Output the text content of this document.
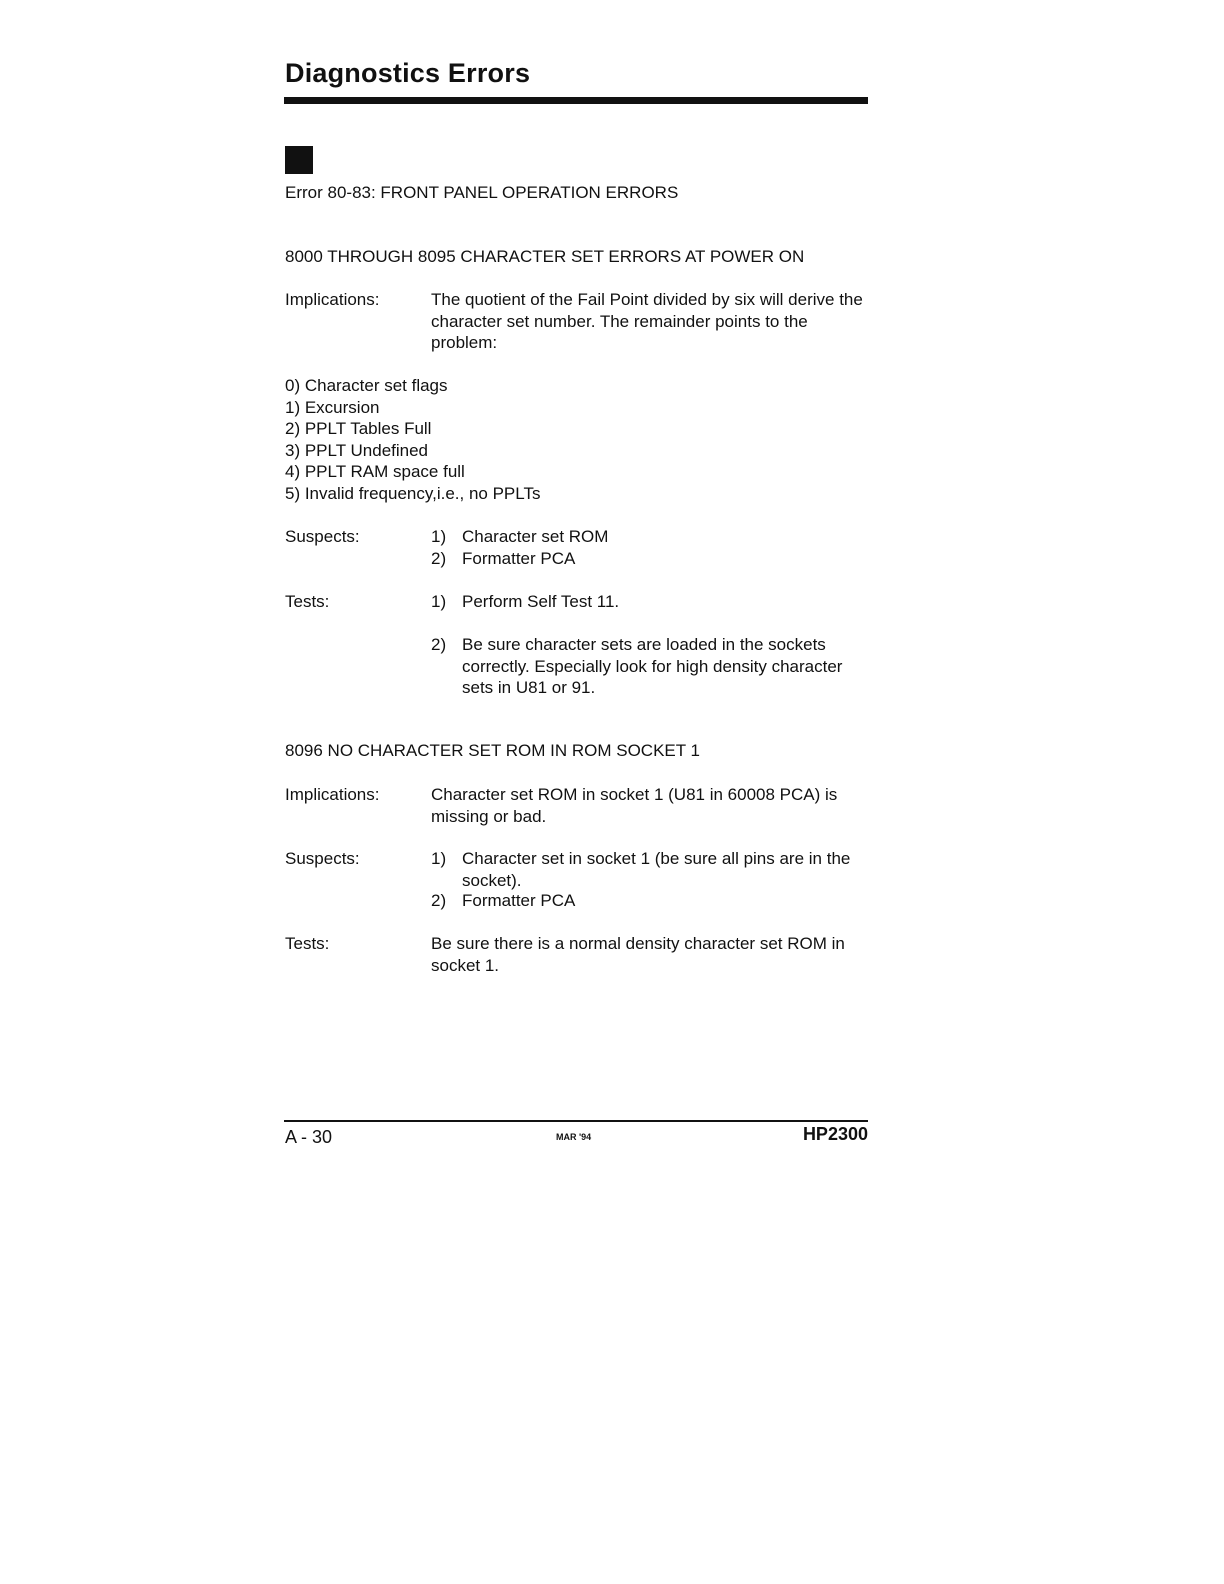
Diagnostics Errors
Error 80-83: FRONT PANEL OPERATION ERRORS
8000 THROUGH 8095 CHARACTER SET ERRORS AT POWER ON
Implications:	The quotient of the Fail Point divided by six will derive the character set number. The remainder points to the problem:
0) Character set flags
1) Excursion
2) PPLT Tables Full
3) PPLT Undefined
4) PPLT RAM space full
5) Invalid frequency,i.e., no PPLTs
Suspects:	1) Character set ROM
2) Formatter PCA
Tests:	1) Perform Self Test 11.
2) Be sure character sets are loaded in the sockets correctly. Especially look for high density character sets in U81 or 91.
8096 NO CHARACTER SET ROM IN ROM SOCKET 1
Implications:	Character set ROM in socket 1 (U81 in 60008 PCA) is missing or bad.
Suspects:	1) Character set in socket 1 (be sure all pins are in the socket).
2) Formatter PCA
Tests:	Be sure there is a normal density character set ROM in socket 1.
A - 30	MAR '94	HP2300
